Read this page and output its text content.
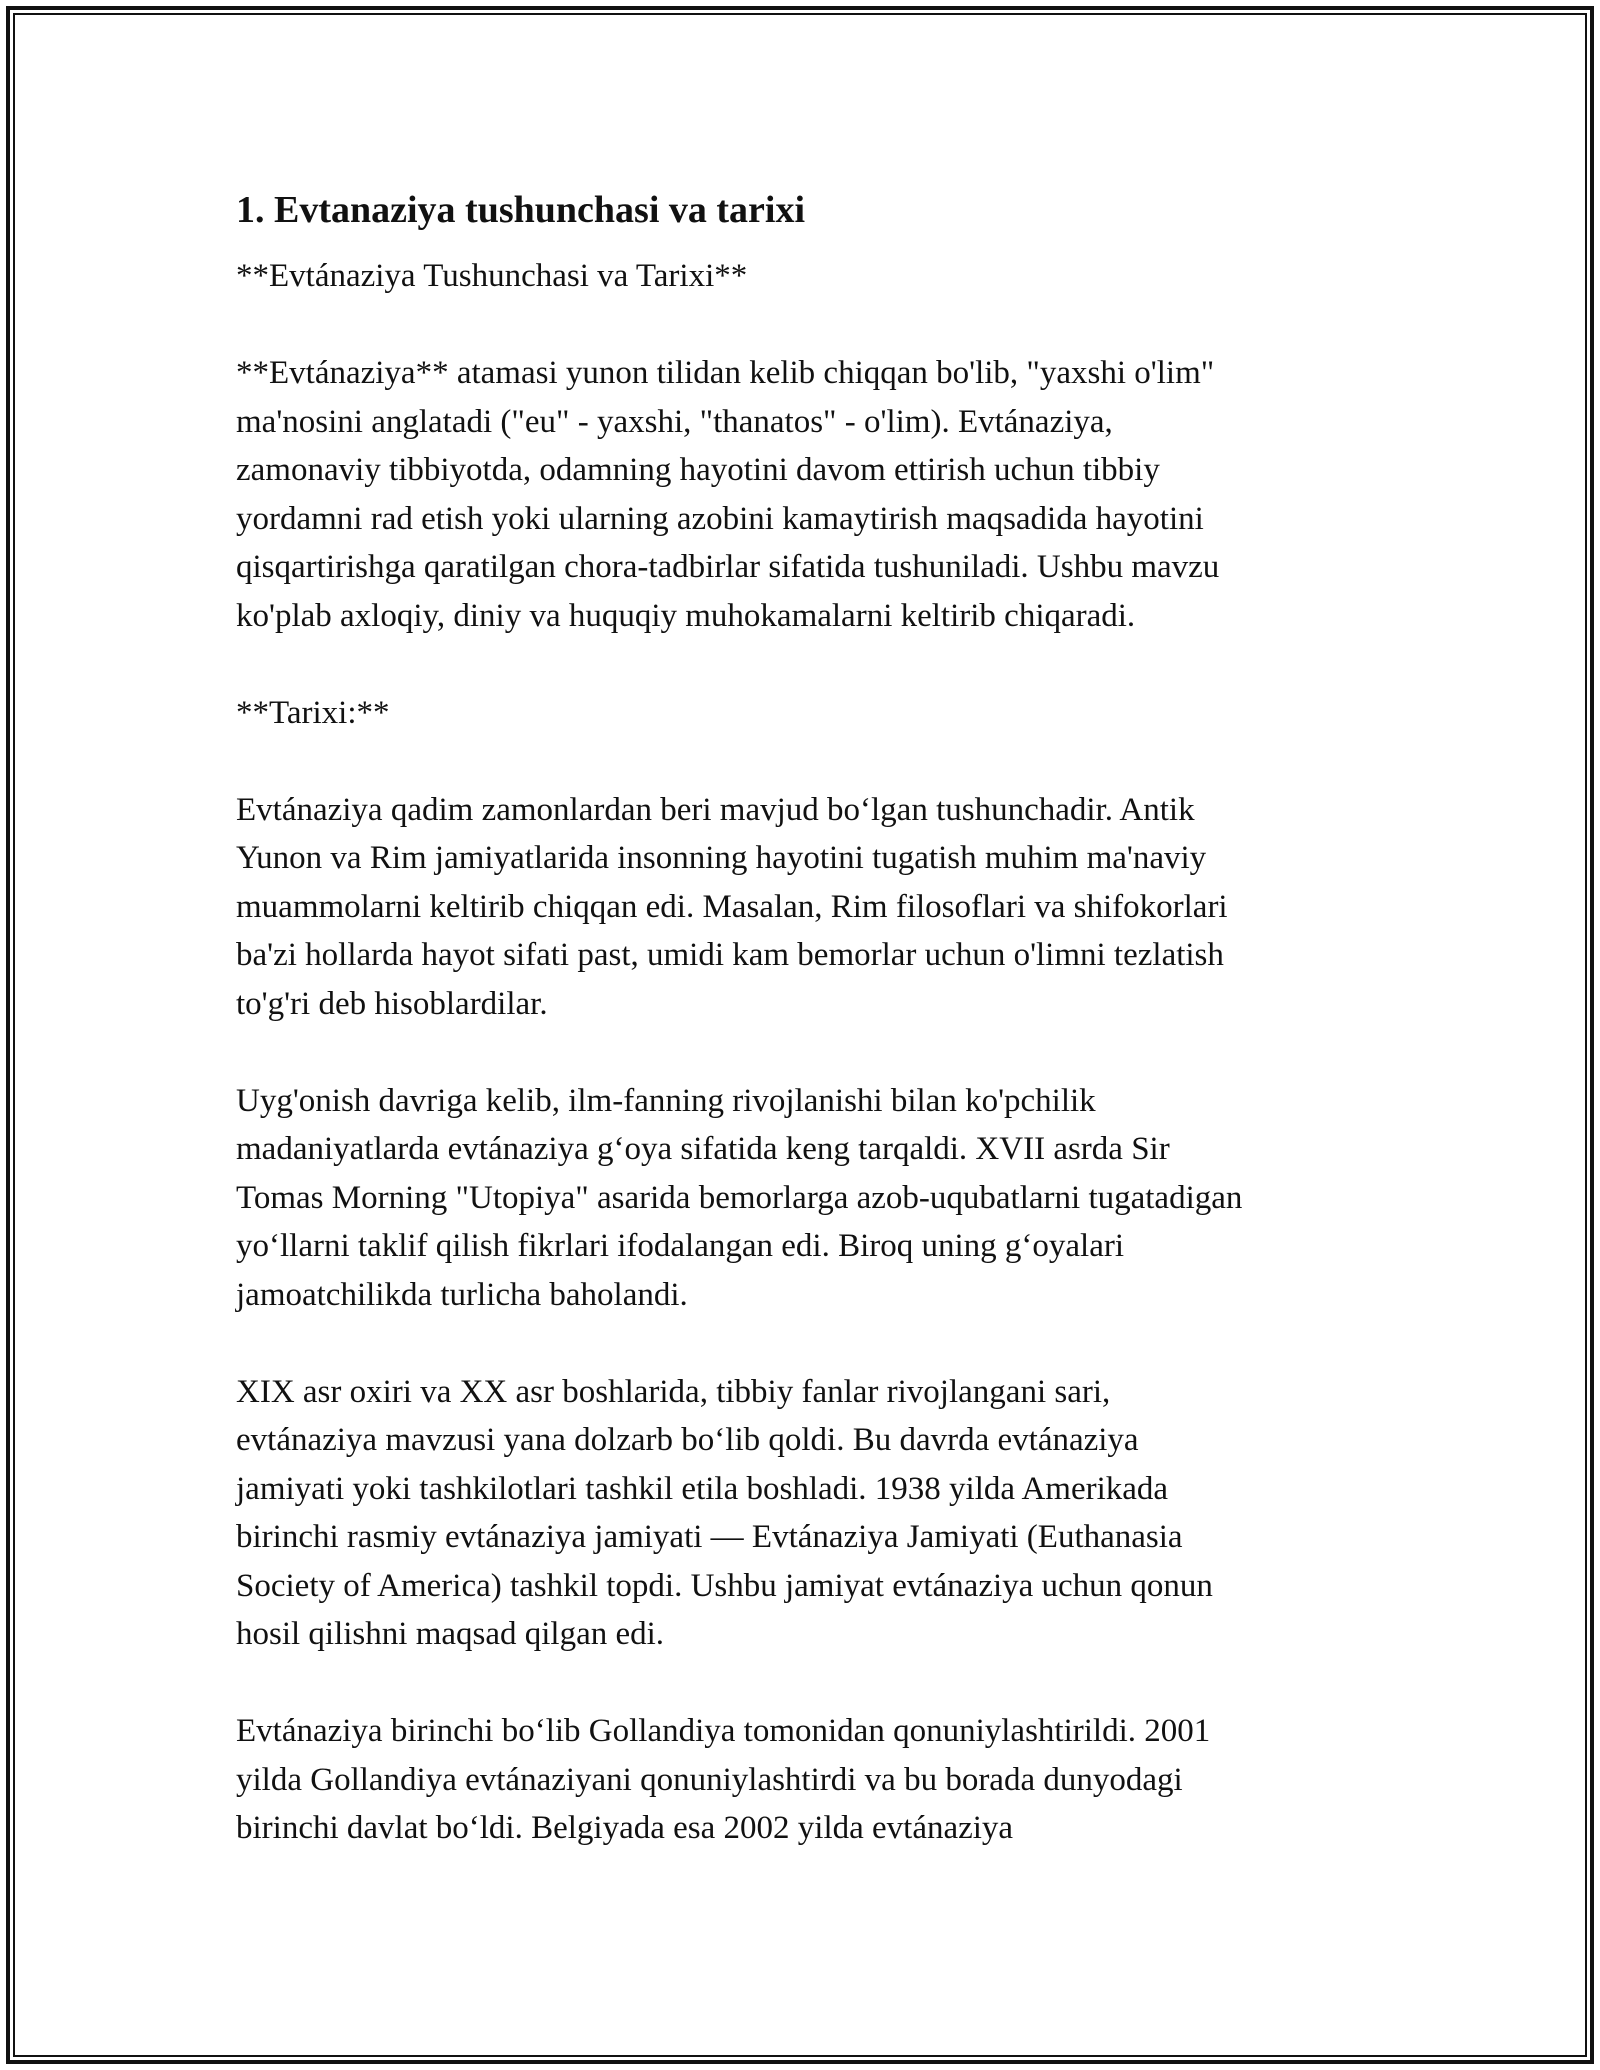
1. Evtanaziya tushunchasi va tarixi

**Evtánaziya Tushunchasi va Tarixi**

**Evtánaziya** atamasi yunon tilidan kelib chiqqan bo'lib, "yaxshi o'lim"
ma'nosini anglatadi ("eu" - yaxshi, "thanatos" - o'lim). Evtánaziya,
zamonaviy tibbiyotda, odamning hayotini davom ettirish uchun tibbiy
yordamni rad etish yoki ularning azobini kamaytirish maqsadida hayotini
qisqartirishga qaratilgan chora-tadbirlar sifatida tushuniladi. Ushbu mavzu
ko'plab axloqiy, diniy va huquqiy muhokamalarni keltirib chiqaradi.

**Tarixi:**

Evtánaziya qadim zamonlardan beri mavjud boʻlgan tushunchadir. Antik
Yunon va Rim jamiyatlarida insonning hayotini tugatish muhim ma'naviy
muammolarni keltirib chiqqan edi. Masalan, Rim filosoflari va shifokorlari
ba'zi hollarda hayot sifati past, umidi kam bemorlar uchun o'limni tezlatish
to'g'ri deb hisoblardilar.

Uyg'onish davriga kelib, ilm-fanning rivojlanishi bilan ko'pchilik
madaniyatlarda evtánaziya gʻoya sifatida keng tarqaldi. XVII asrda Sir
Tomas Morning "Utopiya" asarida bemorlarga azob-uqubatlarni tugatadigan
yoʻllarni taklif qilish fikrlari ifodalangan edi. Biroq uning gʻoyalari
jamoatchilikda turlicha baholandi.

XIX asr oxiri va XX asr boshlarida, tibbiy fanlar rivojlangani sari,
evtánaziya mavzusi yana dolzarb boʻlib qoldi. Bu davrda evtánaziya
jamiyati yoki tashkilotlari tashkil etila boshladi. 1938 yilda Amerikada
birinchi rasmiy evtánaziya jamiyati — Evtánaziya Jamiyati (Euthanasia
Society of America) tashkil topdi. Ushbu jamiyat evtánaziya uchun qonun
hosil qilishni maqsad qilgan edi.

Evtánaziya birinchi boʻlib Gollandiya tomonidan qonuniylashtirildi. 2001
yilda Gollandiya evtánaziyani qonuniylashtirdi va bu borada dunyodagi
birinchi davlat boʻldi. Belgiyada esa 2002 yilda evtánaziya
